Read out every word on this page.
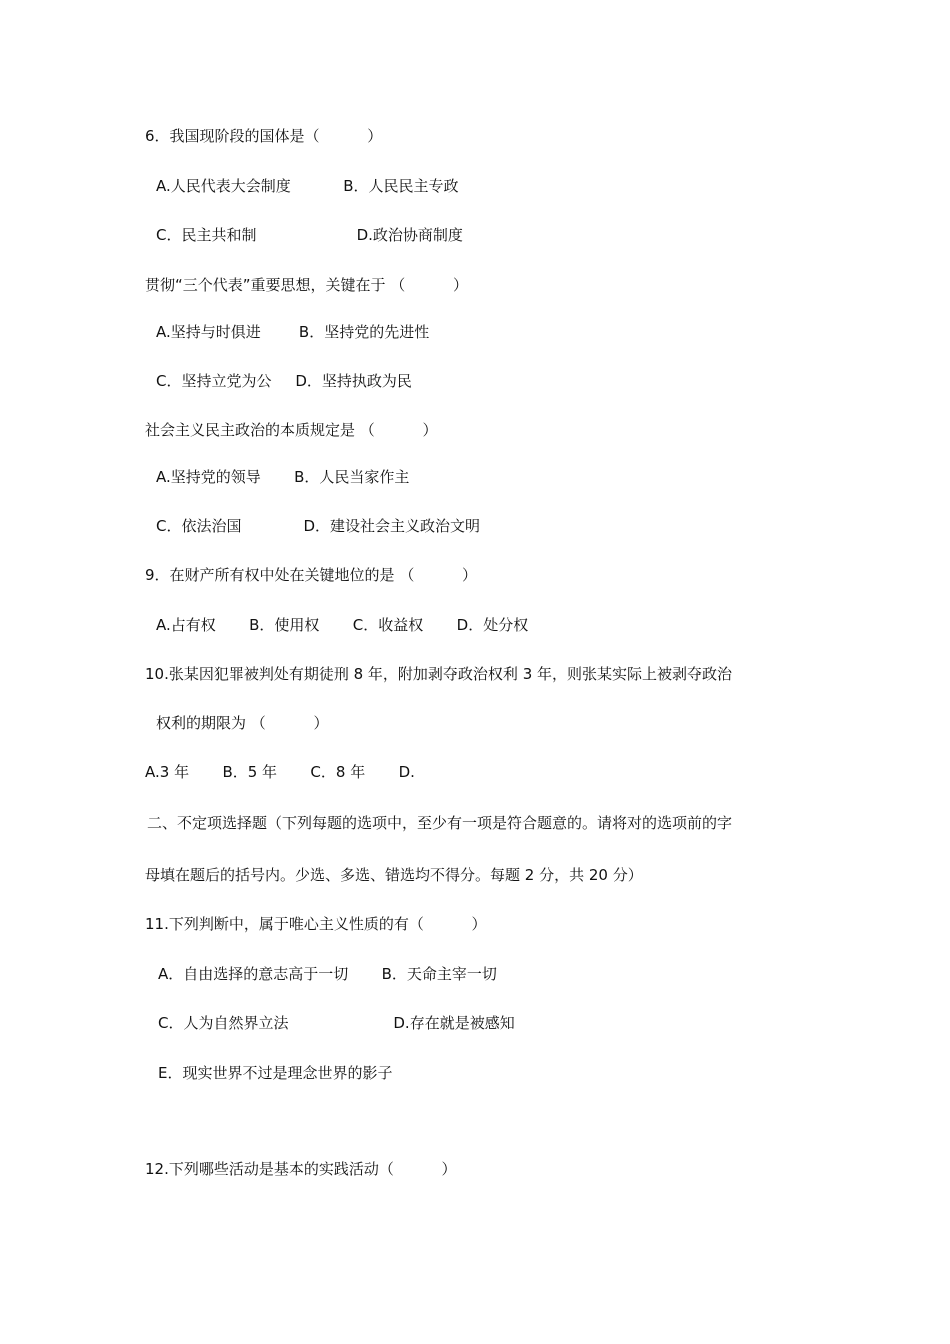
6．我国现阶段的国体是（          ）
A.人民代表大会制度           B．人民民主专政
C．民主共和制                     D.政治协商制度
贯彻“三个代表”重要思想，关键在于 （          ）
A.坚持与时俱进        B．坚持党的先进性
C．坚持立党为公     D．坚持执政为民
社会主义民主政治的本质规定是 （          ）
A.坚持党的领导       B．人民当家作主
C．依法治国             D．建设社会主义政治文明
9．在财产所有权中处在关键地位的是 （          ）
A.占有权       B．使用权       C．收益权       D．处分权
10.张某因犯罪被判处有期徒刑 8 年，附加剥夺政治权利 3 年，则张某实际上被剥夺政治
权利的期限为 （          ）
A.3 年       B．5 年       C．8 年       D.
二、不定项选择题（下列每题的选项中，至少有一项是符合题意的。请将对的选项前的字
母填在题后的括号内。少选、多选、错选均不得分。每题 2 分，共 20 分）
11.下列判断中，属于唯心主义性质的有（          ）
A．自由选择的意志高于一切       B．天命主宰一切
C．人为自然界立法                      D.存在就是被感知
E．现实世界不过是理念世界的影子
12.下列哪些活动是基本的实践活动（          ）
